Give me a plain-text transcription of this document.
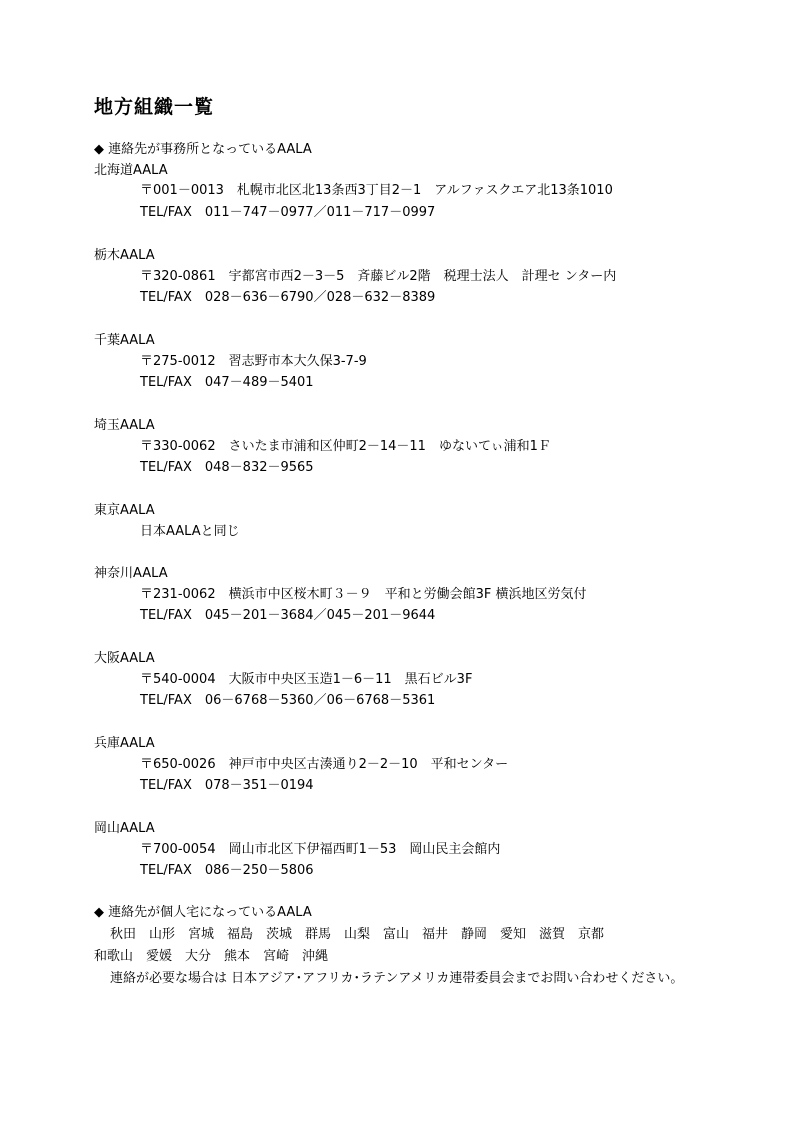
地方組織一覧
◆ 連絡先が事務所となっているAALA
北海道AALA
〒001－0013　札幌市北区北13条西3丁目2－1　アルファスクエア北13条1010
TEL/FAX　011－747－0977／011－717－0997
栃木AALA
〒320-0861　宇都宮市西2－3－5　斉藤ビル2階　税理士法人　計理セ ンター内
TEL/FAX　028－636－6790／028－632－8389
千葉AALA
〒275-0012　習志野市本大久保3-7-9
TEL/FAX　047－489－5401
埼玉AALA
〒330-0062　さいたま市浦和区仲町2－14－11　ゆないてぃ浦和1Ｆ
TEL/FAX　048－832－9565
東京AALA
日本AALAと同じ
神奈川AALA
〒231-0062　横浜市中区桜木町３－９　平和と労働会館3F 横浜地区労気付
TEL/FAX　045－201－3684／045－201－9644
大阪AALA
〒540-0004　大阪市中央区玉造1－6－11　黒石ビル3F
TEL/FAX　06－6768－5360／06－6768－5361
兵庫AALA
〒650-0026　神戸市中央区古湊通り2－2－10　平和センター
TEL/FAX　078－351－0194
岡山AALA
〒700-0054　岡山市北区下伊福西町1－53　岡山民主会館内
TEL/FAX　086－250－5806
◆ 連絡先が個人宅になっているAALA
秋田　山形　宮城　福島　茨城　群馬　山梨　富山　福井　静岡　愛知　滋賀　京都
和歌山　愛媛　大分　熊本　宮崎　沖縄
連絡が必要な場合は 日本アジア･アフリカ･ラテンアメリカ連帯委員会までお問い合わせください。
